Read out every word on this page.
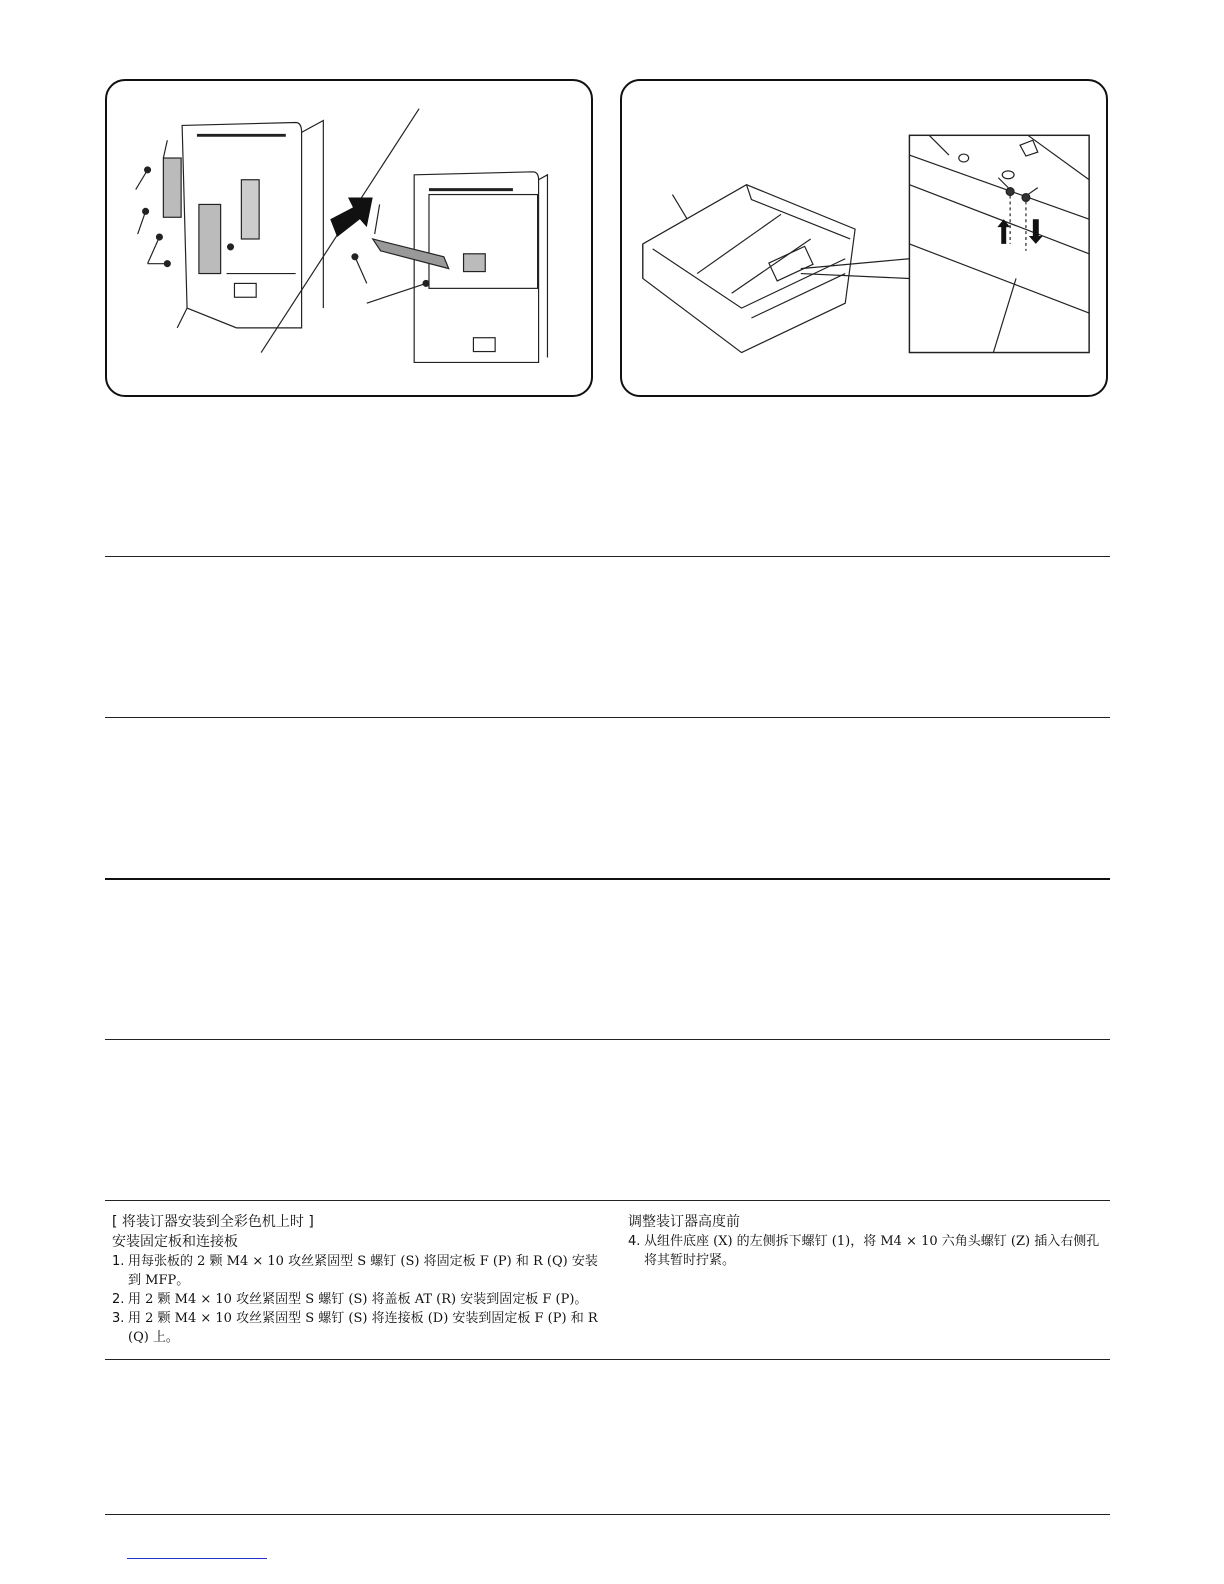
[ 将装订器安装到全彩色机上时 ]
安装固定板和连接板
1. 用每张板的 2 颗 M4 × 10 攻丝紧固型 S 螺钉 (S) 将固定板 F (P) 和 R (Q) 安装到 MFP。
2. 用 2 颗 M4 × 10 攻丝紧固型 S 螺钉 (S) 将盖板 AT (R) 安装到固定板 F (P)。
3. 用 2 颗 M4 × 10 攻丝紧固型 S 螺钉 (S) 将连接板 (D) 安装到固定板 F (P) 和 R (Q) 上。
调整装订器高度前
4. 从组件底座 (X) 的左侧拆下螺钉 (1)，将 M4 × 10 六角头螺钉 (Z) 插入右侧孔将其暂时拧紧。
